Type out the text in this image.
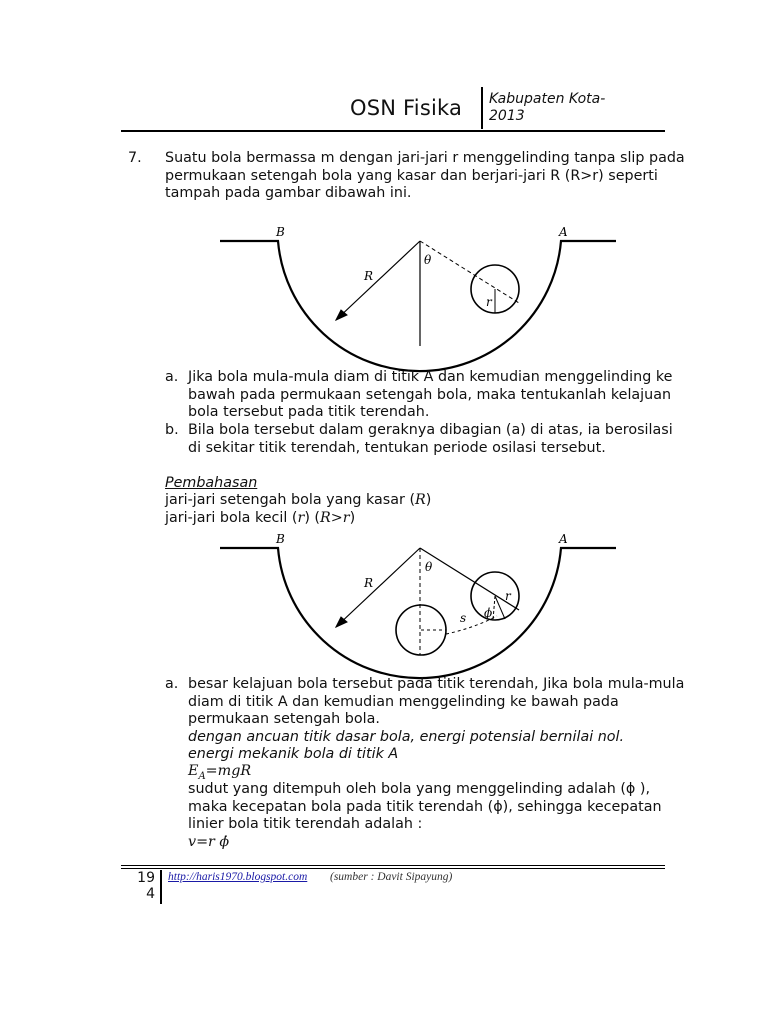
OSN Fisika Kabupaten Kota-
2013
7. Suatu bola bermassa m dengan jari-jari r menggelinding tanpa slip pada permukaan setengah bola yang kasar dan berjari-jari R (R>r) seperti tampah pada gambar dibawah ini.
B	A
R
θ
r
a. Jika bola mula-mula diam di titik A dan kemudian menggelinding ke bawah pada permukaan setengah bola, maka tentukanlah kelajuan bola tersebut pada titik terendah.
b. Bila bola tersebut dalam geraknya dibagian (a) di atas, ia berosilasi di sekitar titik terendah, tentukan periode osilasi tersebut.
Pembahasan
jari-jari setengah bola yang kasar (R)
jari-jari bola kecil (r) (R>r)
B	A
R
θ
r
s ϕ
a. besar kelajuan bola tersebut pada titik terendah, Jika bola mula-mula diam di titik A dan kemudian menggelinding ke bawah pada permukaan setengah bola.
dengan ancuan titik dasar bola, energi potensial bernilai nol.
energi mekanik bola di titik A
$E_A=mgR$
sudut yang ditempuh oleh bola yang menggelinding adalah (ϕ ), maka kecepatan bola pada titik terendah (ϕ), sehingga kecepatan linier bola titik terendah adalah :
v=r ϕ̇
19
4
http://haris1970.blogspot.com (sumber : Davit Sipayung)
